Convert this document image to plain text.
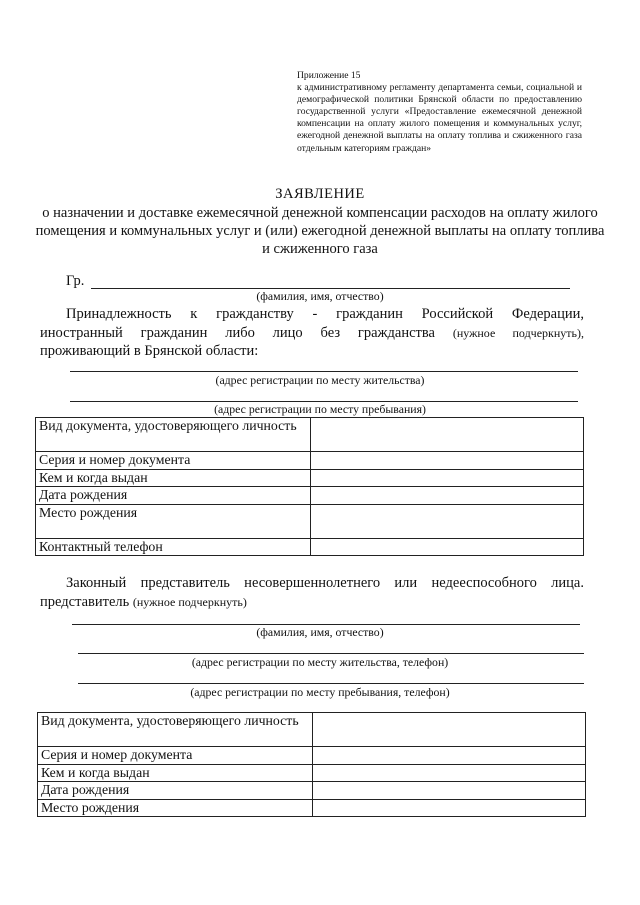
Приложение 15
к административному регламенту департамента семьи, социальной и демографической политики Брянской области по предоставлению государственной услуги «Предоставление ежемесячной денежной компенсации на оплату жилого помещения и коммунальных услуг, ежегодной денежной выплаты на оплату топлива и сжиженного газа отдельным категориям граждан»
ЗАЯВЛЕНИЕ
о назначении и доставке ежемесячной денежной компенсации расходов на оплату жилого помещения и коммунальных услуг и (или) ежегодной денежной выплаты на оплату топлива и сжиженного газа
Гр.
(фамилия, имя, отчество)
Принадлежность к гражданству - гражданин Российской Федерации,
иностранный гражданин либо лицо без гражданства (нужное подчеркнуть),
проживающий в Брянской области:
(адрес регистрации по месту жительства)
(адрес регистрации по месту пребывания)
Вид документа, удостоверяющего личность	
Серия и номер документа	
Кем и когда выдан	
Дата рождения	
Место рождения	
Контактный телефон	
Законный представитель несовершеннолетнего или недееспособного лица.
представитель (нужное подчеркнуть)
(фамилия, имя, отчество)
(адрес регистрации по месту жительства, телефон)
(адрес регистрации по месту пребывания, телефон)
Вид документа, удостоверяющего личность	
Серия и номер документа	
Кем и когда выдан	
Дата рождения	
Место рождения	
